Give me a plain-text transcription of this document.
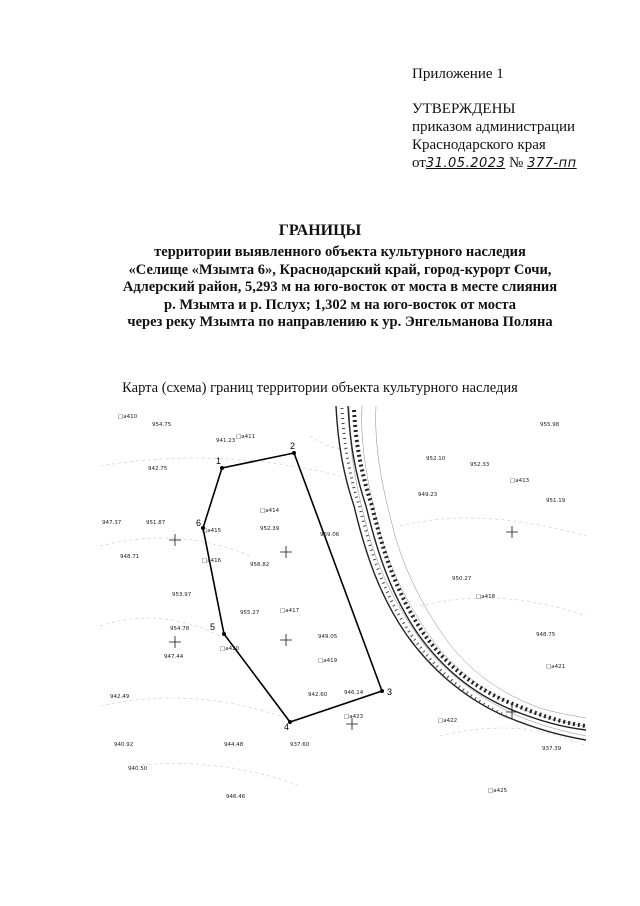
Приложение 1
УТВЕРЖДЕНЫ
приказом администрации
Краснодарского края
от31.05.2023 № 377-пп
ГРАНИЦЫ
территории выявленного объекта культурного наследия
«Селище «Мзымта 6», Краснодарский край, город-курорт Сочи,
Адлерский район, 5,293 м на юго-восток от моста в месте слияния
р. Мзымта и р. Пслух; 1,302 м на юго-восток от моста
через реку Мзымта по направлению к ур. Энгельманова Поляна
Карта (схема) границ территории объекта культурного наследия
1
2
3
4
5
6
□а410
954.75
□а411
942.75
□а413
□а414
□а415
□а416
□а417
□а418
□а419
□а420
□а421
□а422
□а423
□а425
942.49
940.92	944.48
940.50
946.46
947.37
952.39
948.71
951.87
953.97
949.05
955.27
952.10
950.27
947.44
948.75
937.39
946.14
941.23
942.60
937.60
958.82
955.98
949.23
959.06
954.78
952.33
951.19
